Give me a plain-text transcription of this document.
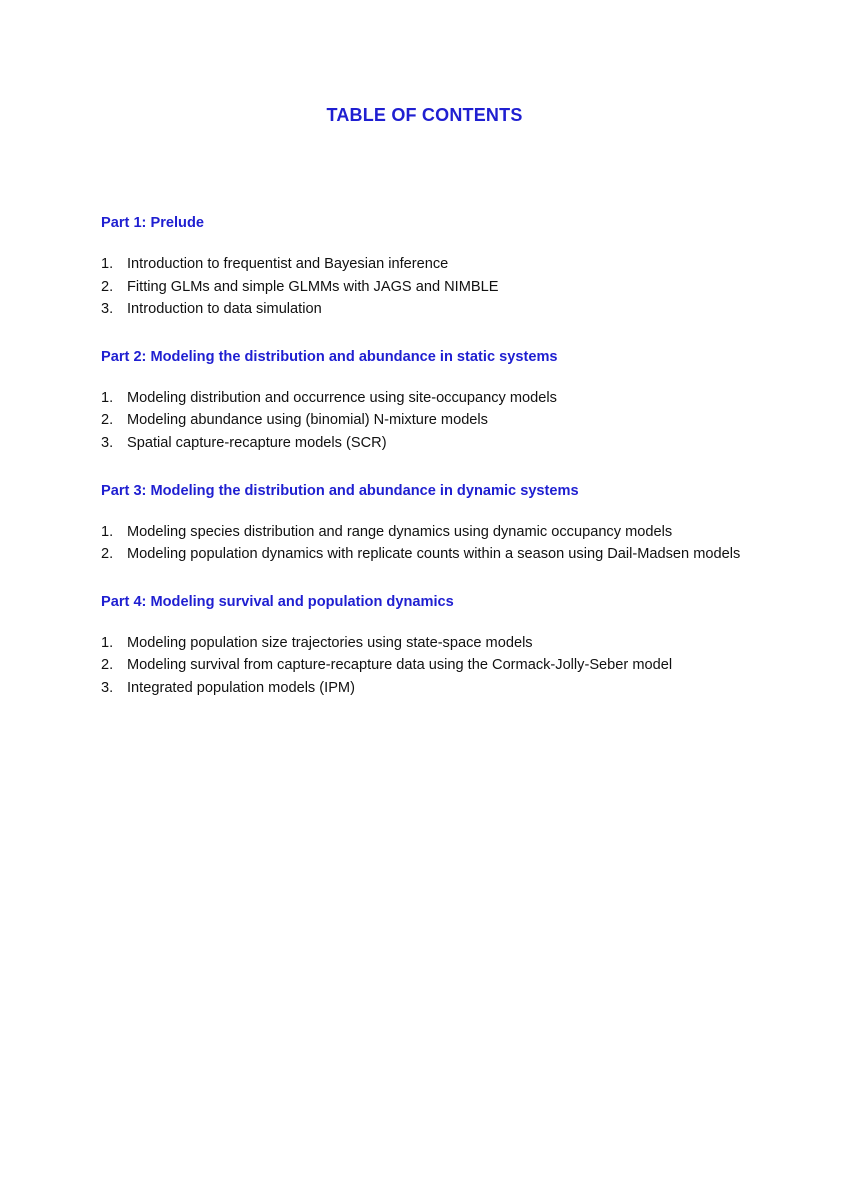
TABLE OF CONTENTS
Part 1: Prelude
1. Introduction to frequentist and Bayesian inference
2. Fitting GLMs and simple GLMMs with JAGS and NIMBLE
3. Introduction to data simulation
Part 2: Modeling the distribution and abundance in static systems
1. Modeling distribution and occurrence using site-occupancy models
2. Modeling abundance using (binomial) N-mixture models
3. Spatial capture-recapture models (SCR)
Part 3: Modeling the distribution and abundance in dynamic systems
1. Modeling species distribution and range dynamics using dynamic occupancy models
2. Modeling population dynamics with replicate counts within a season using Dail-Madsen models
Part 4: Modeling survival and population dynamics
1. Modeling population size trajectories using state-space models
2. Modeling survival from capture-recapture data using the Cormack-Jolly-Seber model
3. Integrated population models (IPM)
